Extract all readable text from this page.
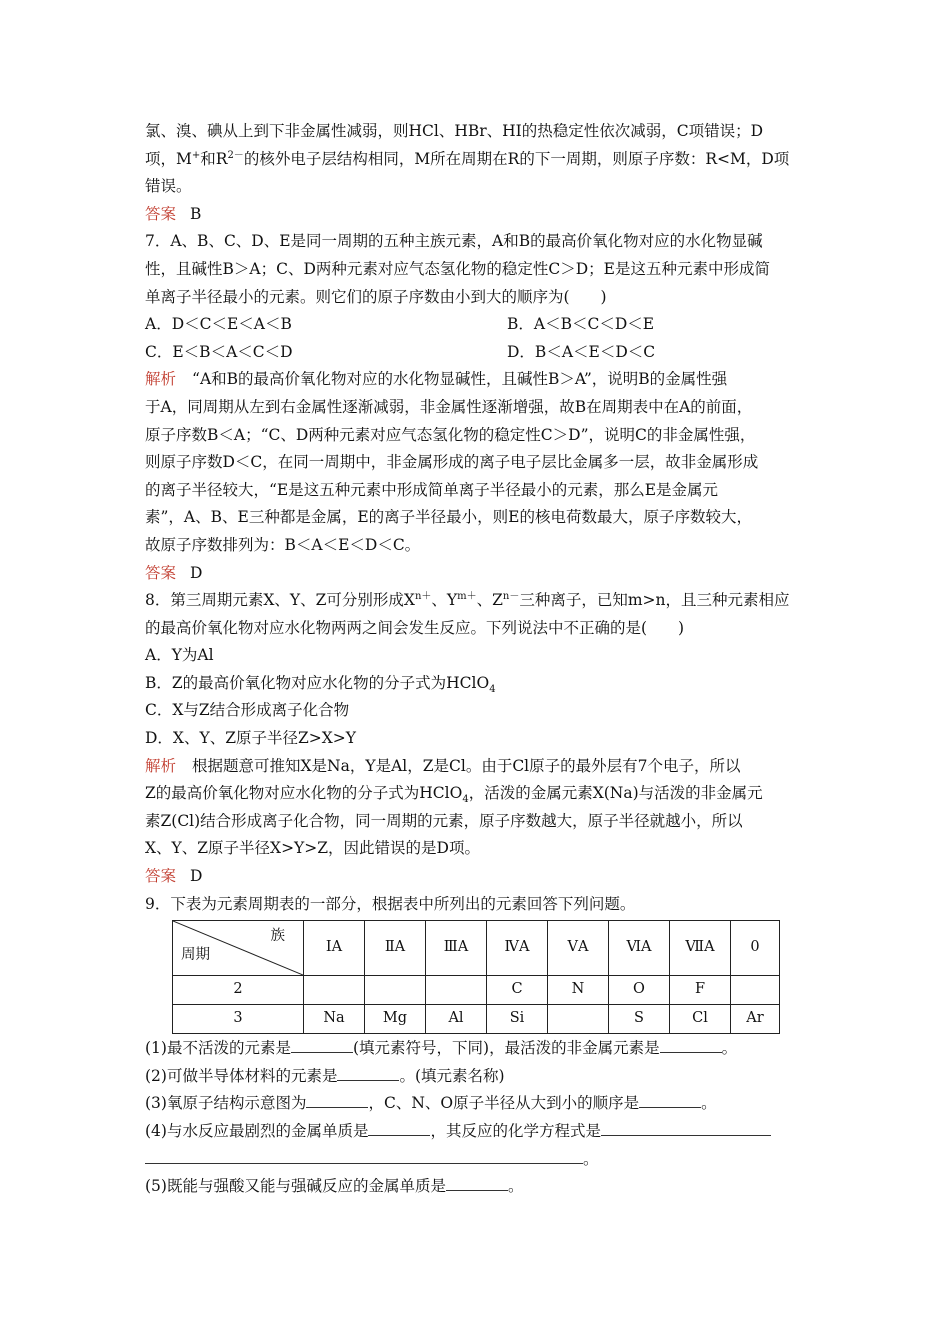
氯、溴、碘从上到下非金属性减弱，则HCl、HBr、HI的热稳定性依次减弱，C项错误；D

项，M+和$R^{2-}$的核外电子层结构相同，M所在周期在R的下一周期，则原子序数：R<M，D项

错误。

答案 B

7．A、B、C、D、E是同一周期的五种主族元素，A和B的最高价氧化物对应的水化物显碱

性，且碱性B＞A；C、D两种元素对应气态氢化物的稳定性C＞D；E是这五种元素中形成简

单离子半径最小的元素。则它们的原子序数由小到大的顺序为(　　)

A．D＜C＜E＜A＜B	B．A＜B＜C＜D＜E
C．E＜B＜A＜C＜D	D．B＜A＜E＜D＜C

解析 “A和B的最高价氧化物对应的水化物显碱性，且碱性B＞A”，说明B的金属性强

于A，同周期从左到右金属性逐渐减弱，非金属性逐渐增强，故B在周期表中在A的前面，

原子序数B＜A；“C、D两种元素对应气态氢化物的稳定性C＞D”，说明C的非金属性强，

则原子序数D＜C，在同一周期中，非金属形成的离子电子层比金属多一层，故非金属形成

的离子半径较大，“E是这五种元素中形成简单离子半径最小的元素，那么E是金属元

素”，A、B、E三种都是金属，E的离子半径最小，则E的核电荷数最大，原子序数较大，

故原子序数排列为：B＜A＜E＜D＜C。

答案 D

8．第三周期元素X、Y、Z可分别形成$X^{n+}$、$Y^{m+}$、$Z^{n-}$三种离子，已知m>n，且三种元素相应

的最高价氧化物对应水化物两两之间会发生反应。下列说法中不正确的是(　　)

A．Y为Al

B．Z的最高价氧化物对应水化物的分子式为HClO$_4$

C．X与Z结合形成离子化合物

D．X、Y、Z原子半径Z>X>Y

解析 根据题意可推知X是Na，Y是Al，Z是Cl。由于Cl原子的最外层有7个电子，所以

Z的最高价氧化物对应水化物的分子式为HClO$_4$，活泼的金属元素X(Na)与活泼的非金属元

素Z(Cl)结合形成离子化合物，同一周期的元素，原子序数越大，原子半径就越小，所以

X、Y、Z原子半径X>Y>Z，因此错误的是D项。

答案 D

9．下表为元素周期表的一部分，根据表中所列出的元素回答下列问题。

族
周期	ⅠA	ⅡA	ⅢA	ⅣA	ⅤA	ⅥA	ⅦA	0
2				C	N	O	F	
3	Na	Mg	Al	Si		S	Cl	Ar

(1)最不活泼的元素是	(填元素符号，下同)，最活泼的非金属元素是	。

(2)可做半导体材料的元素是	。(填元素名称)

(3)氧原子结构示意图为	，C、N、O原子半径从大到小的顺序是	。

(4)与水反应最剧烈的金属单质是	，其反应的化学方程式是

。

(5)既能与强酸又能与强碱反应的金属单质是	。
